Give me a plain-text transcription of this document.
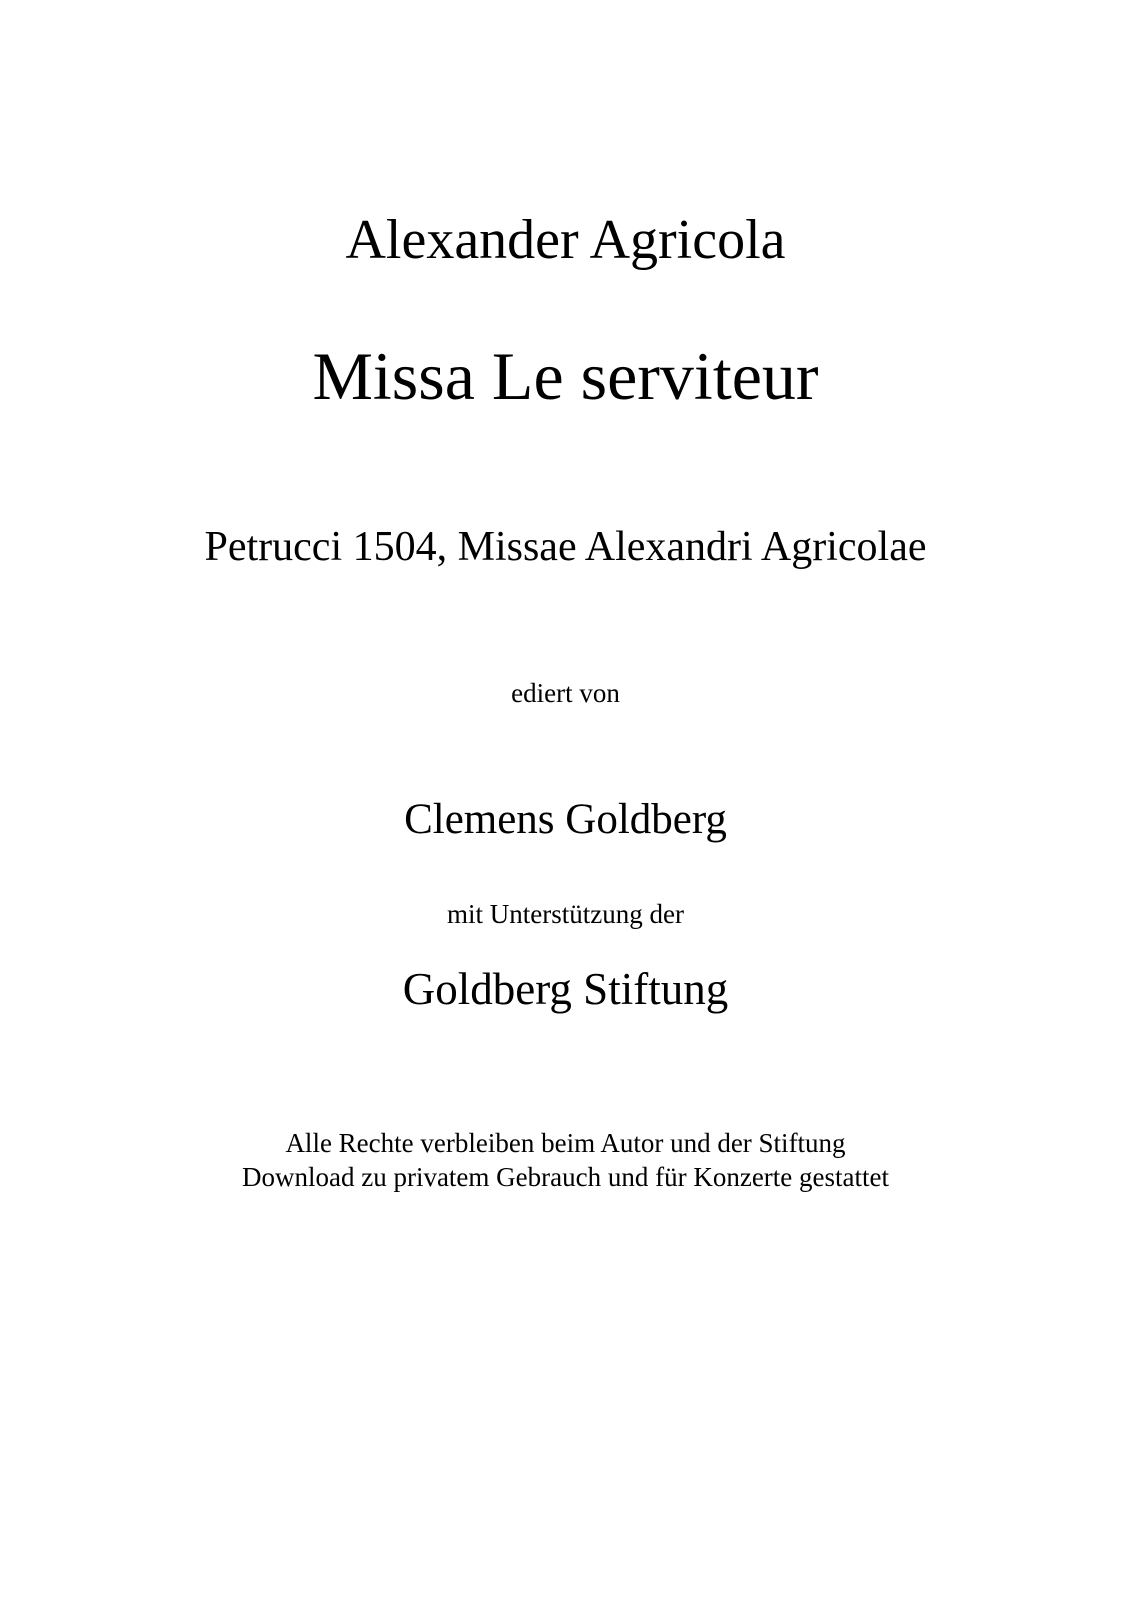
Alexander Agricola
Missa Le serviteur
Petrucci 1504, Missae Alexandri Agricolae
ediert von
Clemens Goldberg
mit Unterstützung der
Goldberg Stiftung
Alle Rechte verbleiben beim Autor und der Stiftung
Download zu privatem Gebrauch und für Konzerte gestattet
